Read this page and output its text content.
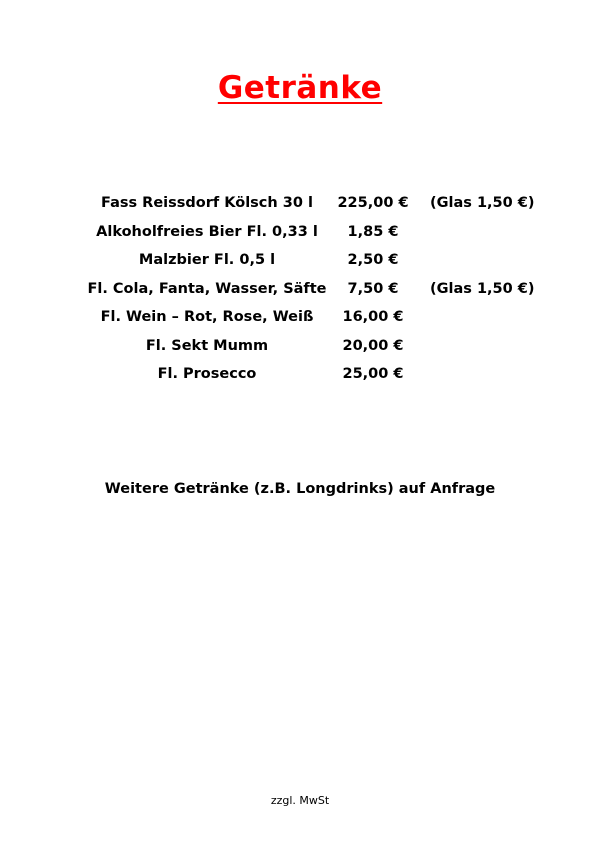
Getränke
Fass Reissdorf Kölsch 30 l	225,00 €	(Glas 1,50 €)
Alkoholfreies Bier Fl. 0,33 l	1,85 €
Malzbier Fl. 0,5 l	2,50 €
Fl. Cola, Fanta, Wasser, Säfte	7,50 €	(Glas 1,50 €)
Fl. Wein – Rot, Rose, Weiß	16,00 €
Fl. Sekt Mumm	20,00 €
Fl. Prosecco	25,00 €
Weitere Getränke (z.B. Longdrinks) auf Anfrage
zzgl. MwSt
